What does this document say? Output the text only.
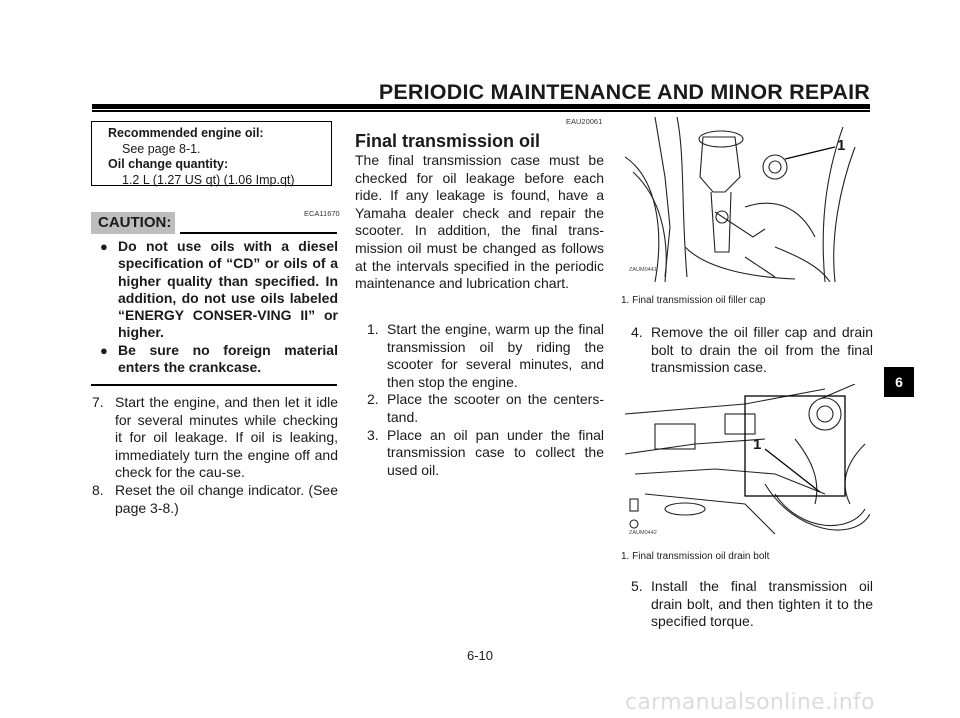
PERIODIC MAINTENANCE AND MINOR REPAIR
Recommended engine oil:
See page 8-1.
Oil change quantity:
1.2 L (1.27 US qt) (1.06 Imp.qt)
ECA11670
CAUTION:
● Do not use oils with a diesel specification of “CD” or oils of a higher quality than specified. In addition, do not use oils labeled “ENERGY CONSER-VING II” or higher.
● Be sure no foreign material enters the crankcase.
7. Start the engine, and then let it idle for several minutes while checking it for oil leakage. If oil is leaking, immediately turn the engine off and check for the cau-se.
8. Reset the oil change indicator. (See page 3-8.)
EAU20061
Final transmission oil
The final transmission case must be checked for oil leakage before each ride. If any leakage is found, have a Yamaha dealer check and repair the scooter. In addition, the final trans-mission oil must be changed as follows at the intervals specified in the periodic maintenance and lubrication chart.
1. Start the engine, warm up the final transmission oil by riding the scooter for several minutes, and then stop the engine.
2. Place the scooter on the centers-tand.
3. Place an oil pan under the final transmission case to collect the used oil.
1
ZAUM0441
1. Final transmission oil filler cap
4. Remove the oil filler cap and drain bolt to drain the oil from the final transmission case.
1
ZAUM0442
1. Final transmission oil drain bolt
5. Install the final transmission oil drain bolt, and then tighten it to the specified torque.
6
6-10
carmanualsonline.info
